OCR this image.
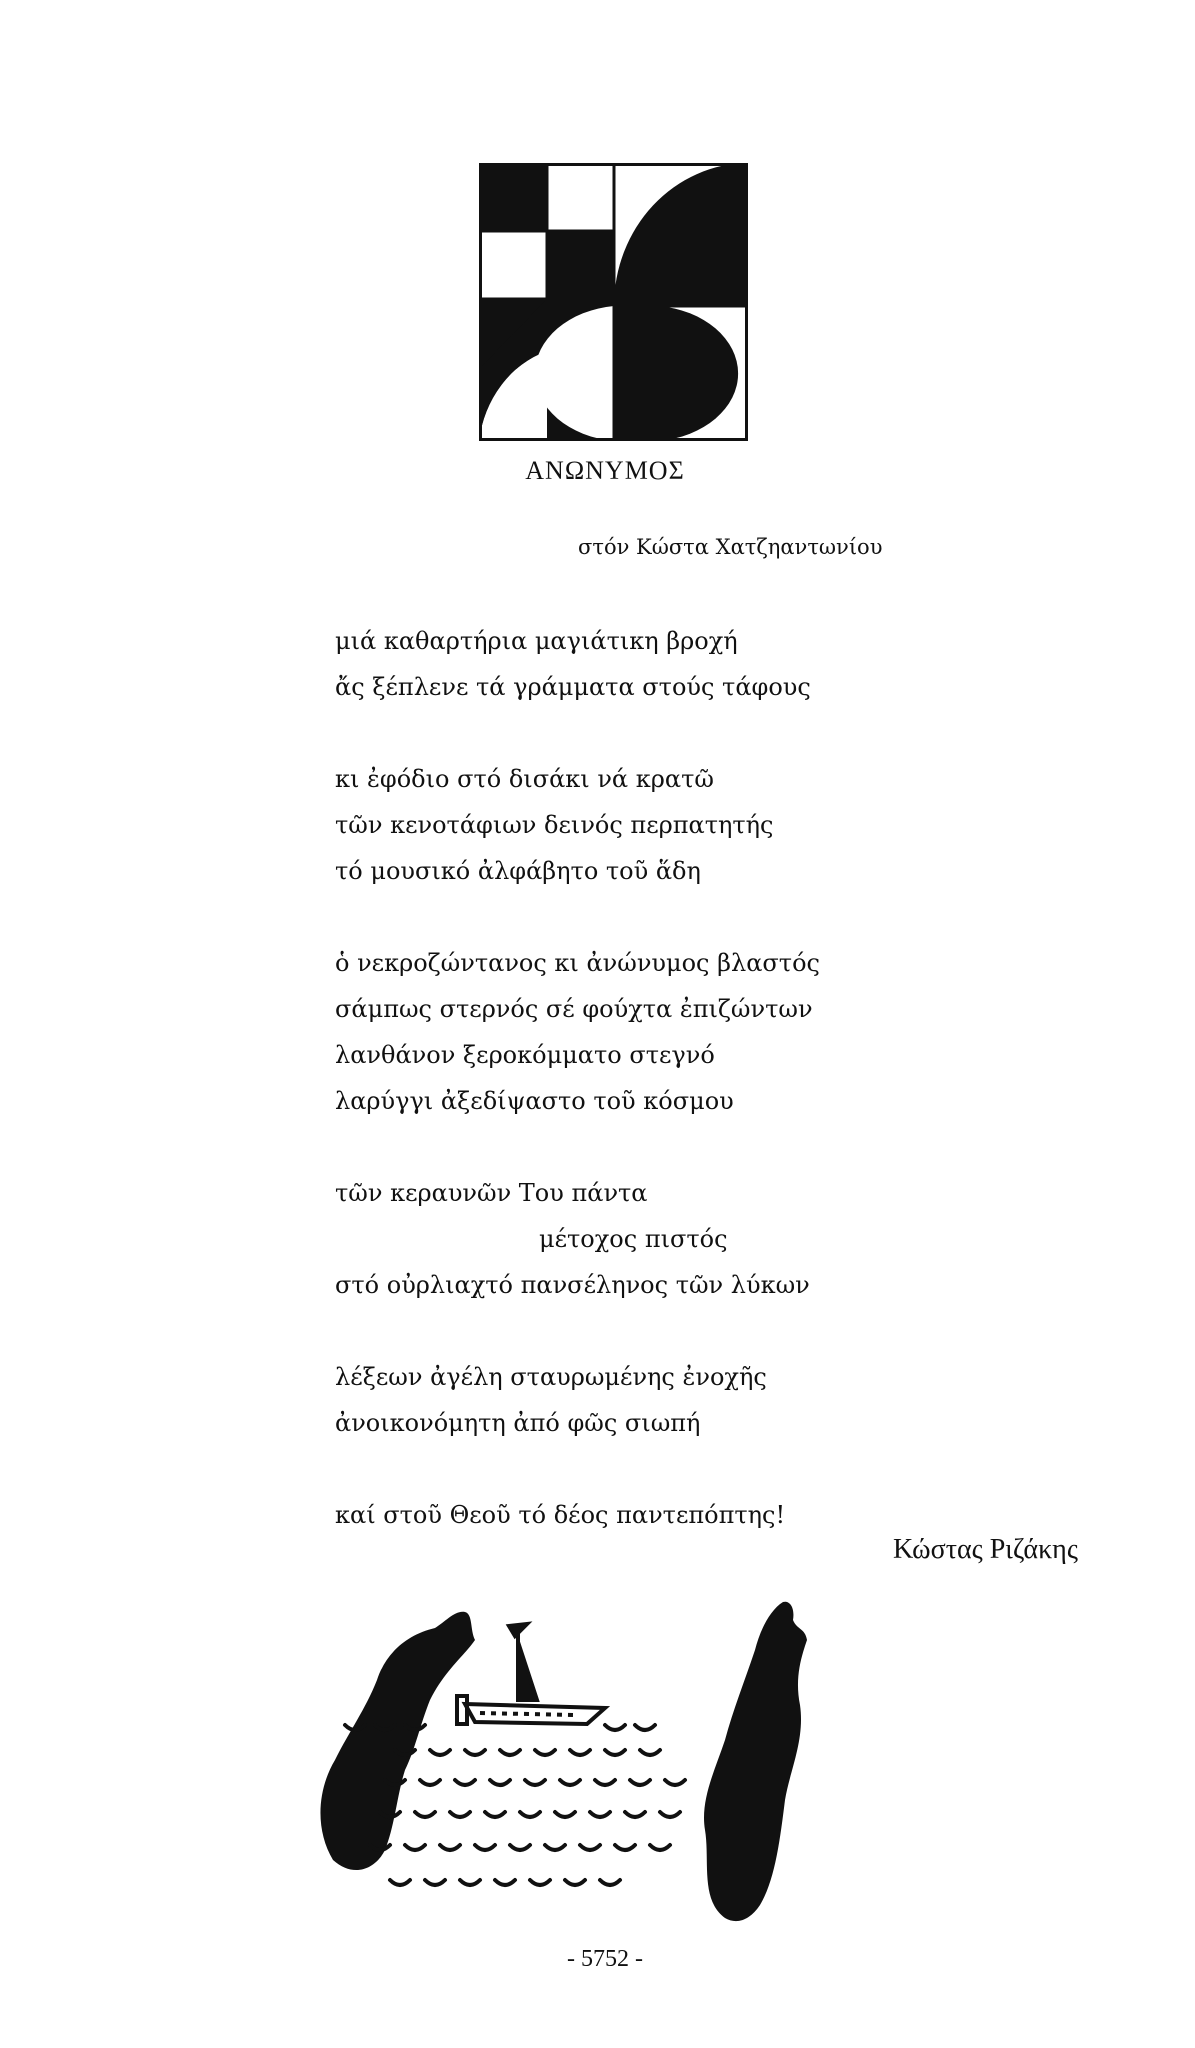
ΑΝΩΝΥΜΟΣ
στόν Κώστα Χατζηαντωνίου
μιά καθαρτήρια μαγιάτικη βροχή
ἄς ξέπλενε τά γράμματα στούς τάφους
κι ἐφόδιο στό δισάκι νά κρατῶ
τῶν κενοτάφιων δεινός περπατητής
τό μουσικό ἀλφάβητο τοῦ ἅδη
ὁ νεκροζώντανος κι ἀνώνυμος βλαστός
σάμπως στερνός σέ φούχτα ἐπιζώντων
λανθάνον ξεροκόμματο στεγνό
λαρύγγι ἀξεδίψαστο τοῦ κόσμου
τῶν κεραυνῶν Του πάντα
μέτοχος πιστός
στό οὐρλιαχτό πανσέληνος τῶν λύκων
λέξεων ἀγέλη σταυρωμένης ἐνοχῆς
ἀνοικονόμητη ἀπό φῶς σιωπή
καί στοῦ Θεοῦ τό δέος παντεπόπτης!
Κώστας Ριζάκης
- 5752 -
